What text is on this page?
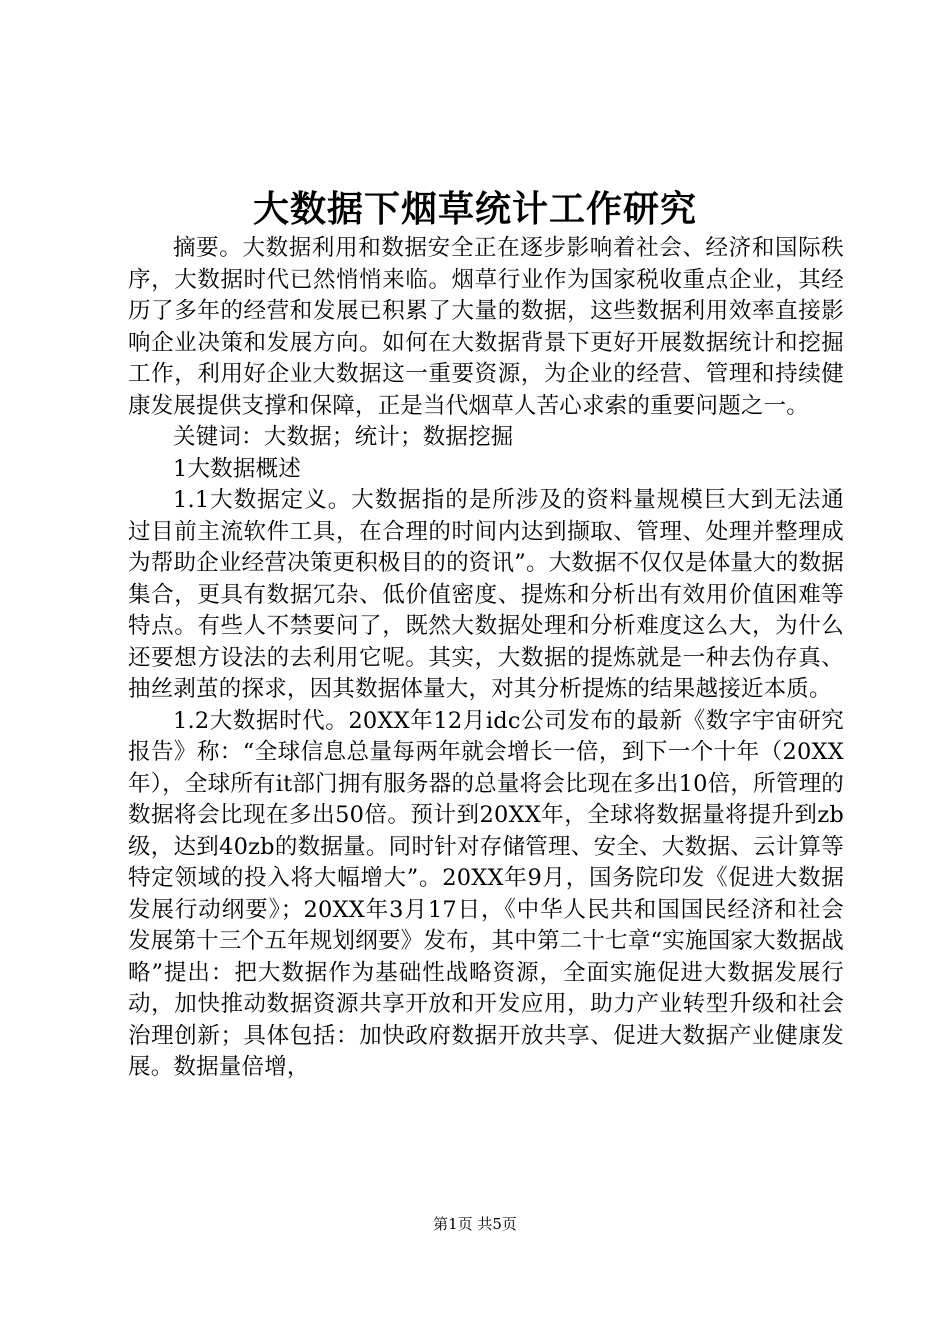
大数据下烟草统计工作研究

摘要。大数据利用和数据安全正在逐步影响着社会、经济和国际秩序，大数据时代已然悄悄来临。烟草行业作为国家税收重点企业，其经历了多年的经营和发展已积累了大量的数据，这些数据利用效率直接影响企业决策和发展方向。如何在大数据背景下更好开展数据统计和挖掘工作，利用好企业大数据这一重要资源，为企业的经营、管理和持续健康发展提供支撑和保障，正是当代烟草人苦心求索的重要问题之一。

关键词：大数据；统计；数据挖掘

1大数据概述

1.1大数据定义。大数据指的是所涉及的资料量规模巨大到无法通过目前主流软件工具，在合理的时间内达到撷取、管理、处理并整理成为帮助企业经营决策更积极目的的资讯”。大数据不仅仅是体量大的数据集合，更具有数据冗杂、低价值密度、提炼和分析出有效用价值困难等特点。有些人不禁要问了，既然大数据处理和分析难度这么大，为什么还要想方设法的去利用它呢。其实，大数据的提炼就是一种去伪存真、抽丝剥茧的探求，因其数据体量大，对其分析提炼的结果越接近本质。

1.2大数据时代。20XX年12月idc公司发布的最新《数字宇宙研究报告》称：“全球信息总量每两年就会增长一倍，到下一个十年（20XX年），全球所有it部门拥有服务器的总量将会比现在多出10倍，所管理的数据将会比现在多出50倍。预计到20XX年，全球将数据量将提升到zb级，达到40zb的数据量。同时针对存储管理、安全、大数据、云计算等特定领域的投入将大幅增大”。20XX年9月，国务院印发《促进大数据发展行动纲要》；20XX年3月17日，《中华人民共和国国民经济和社会发展第十三个五年规划纲要》发布，其中第二十七章“实施国家大数据战略”提出：把大数据作为基础性战略资源，全面实施促进大数据发展行动，加快推动数据资源共享开放和开发应用，助力产业转型升级和社会治理创新；具体包括：加快政府数据开放共享、促进大数据产业健康发展。数据量倍增，

第1页 共5页
